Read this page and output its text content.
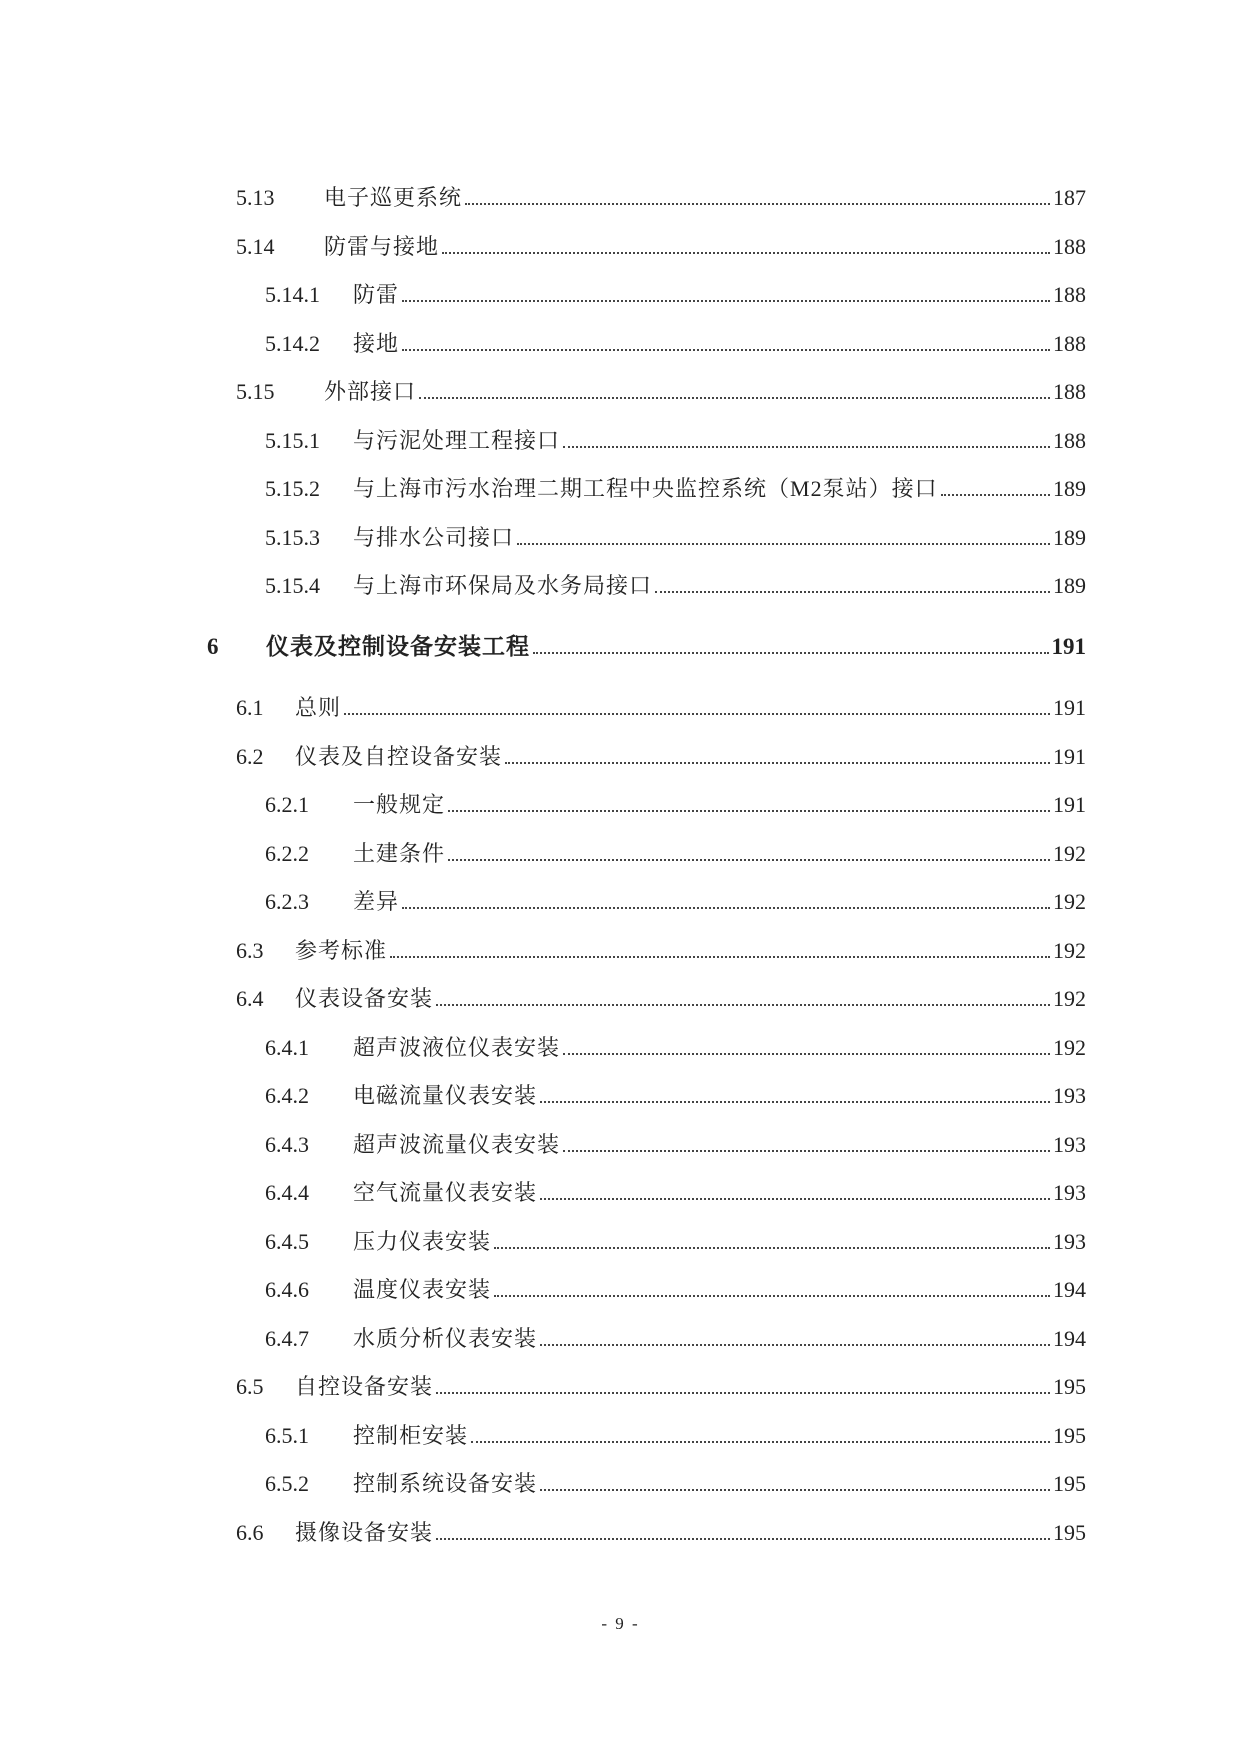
5.13	电子巡更系统	187
5.14	防雷与接地	188
5.14.1	防雷	188
5.14.2	接地	188
5.15	外部接口	188
5.15.1	与污泥处理工程接口	188
5.15.2	与上海市污水治理二期工程中央监控系统（M2泵站）接口	189
5.15.3	与排水公司接口	189
5.15.4	与上海市环保局及水务局接口	189
6	仪表及控制设备安装工程	191
6.1	总则	191
6.2	仪表及自控设备安装	191
6.2.1	一般规定	191
6.2.2	土建条件	192
6.2.3	差异	192
6.3	参考标准	192
6.4	仪表设备安装	192
6.4.1	超声波液位仪表安装	192
6.4.2	电磁流量仪表安装	193
6.4.3	超声波流量仪表安装	193
6.4.4	空气流量仪表安装	193
6.4.5	压力仪表安装	193
6.4.6	温度仪表安装	194
6.4.7	水质分析仪表安装	194
6.5	自控设备安装	195
6.5.1	控制柜安装	195
6.5.2	控制系统设备安装	195
6.6	摄像设备安装	195
- 9 -
